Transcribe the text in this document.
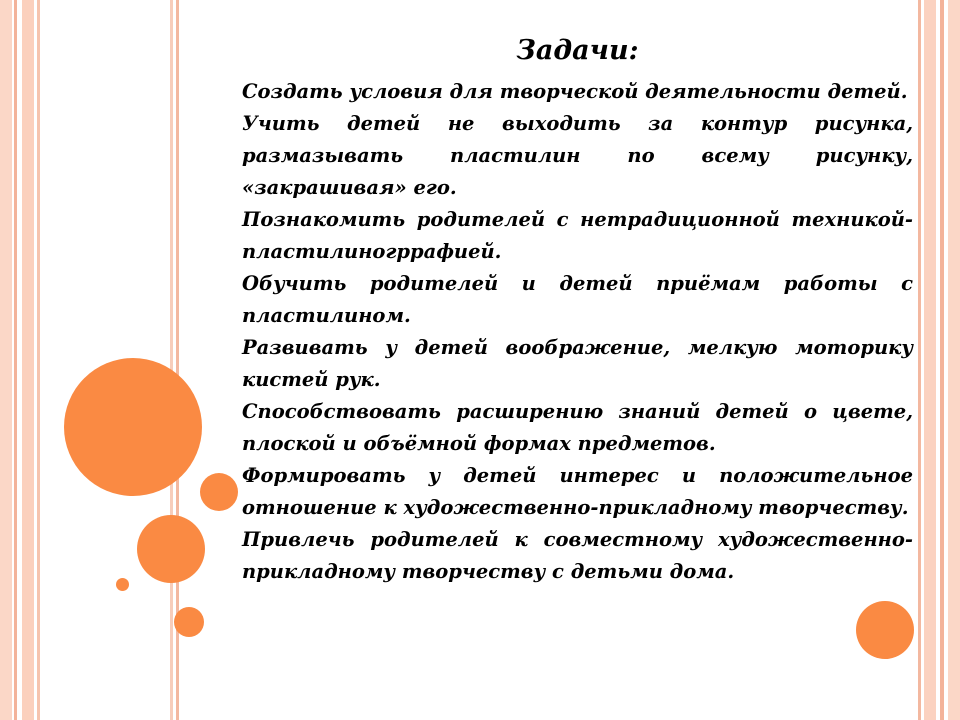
Задачи:
Создать условия для творческой деятельности детей.
Учить детей не выходить за контур рисунка, размазывать пластилин по всему рисунку, «закрашивая» его.
Познакомить родителей с нетрадиционной техникой-пластилиногррафией.
Обучить родителей и детей приёмам работы с пластилином.
Развивать у детей воображение, мелкую моторику кистей рук.
Способствовать расширению знаний детей о цвете, плоской и объёмной формах предметов.
Формировать у детей интерес и положительное отношение к художественно-прикладному творчеству.
Привлечь родителей к совместному художественно-прикладному творчеству с детьми дома.
